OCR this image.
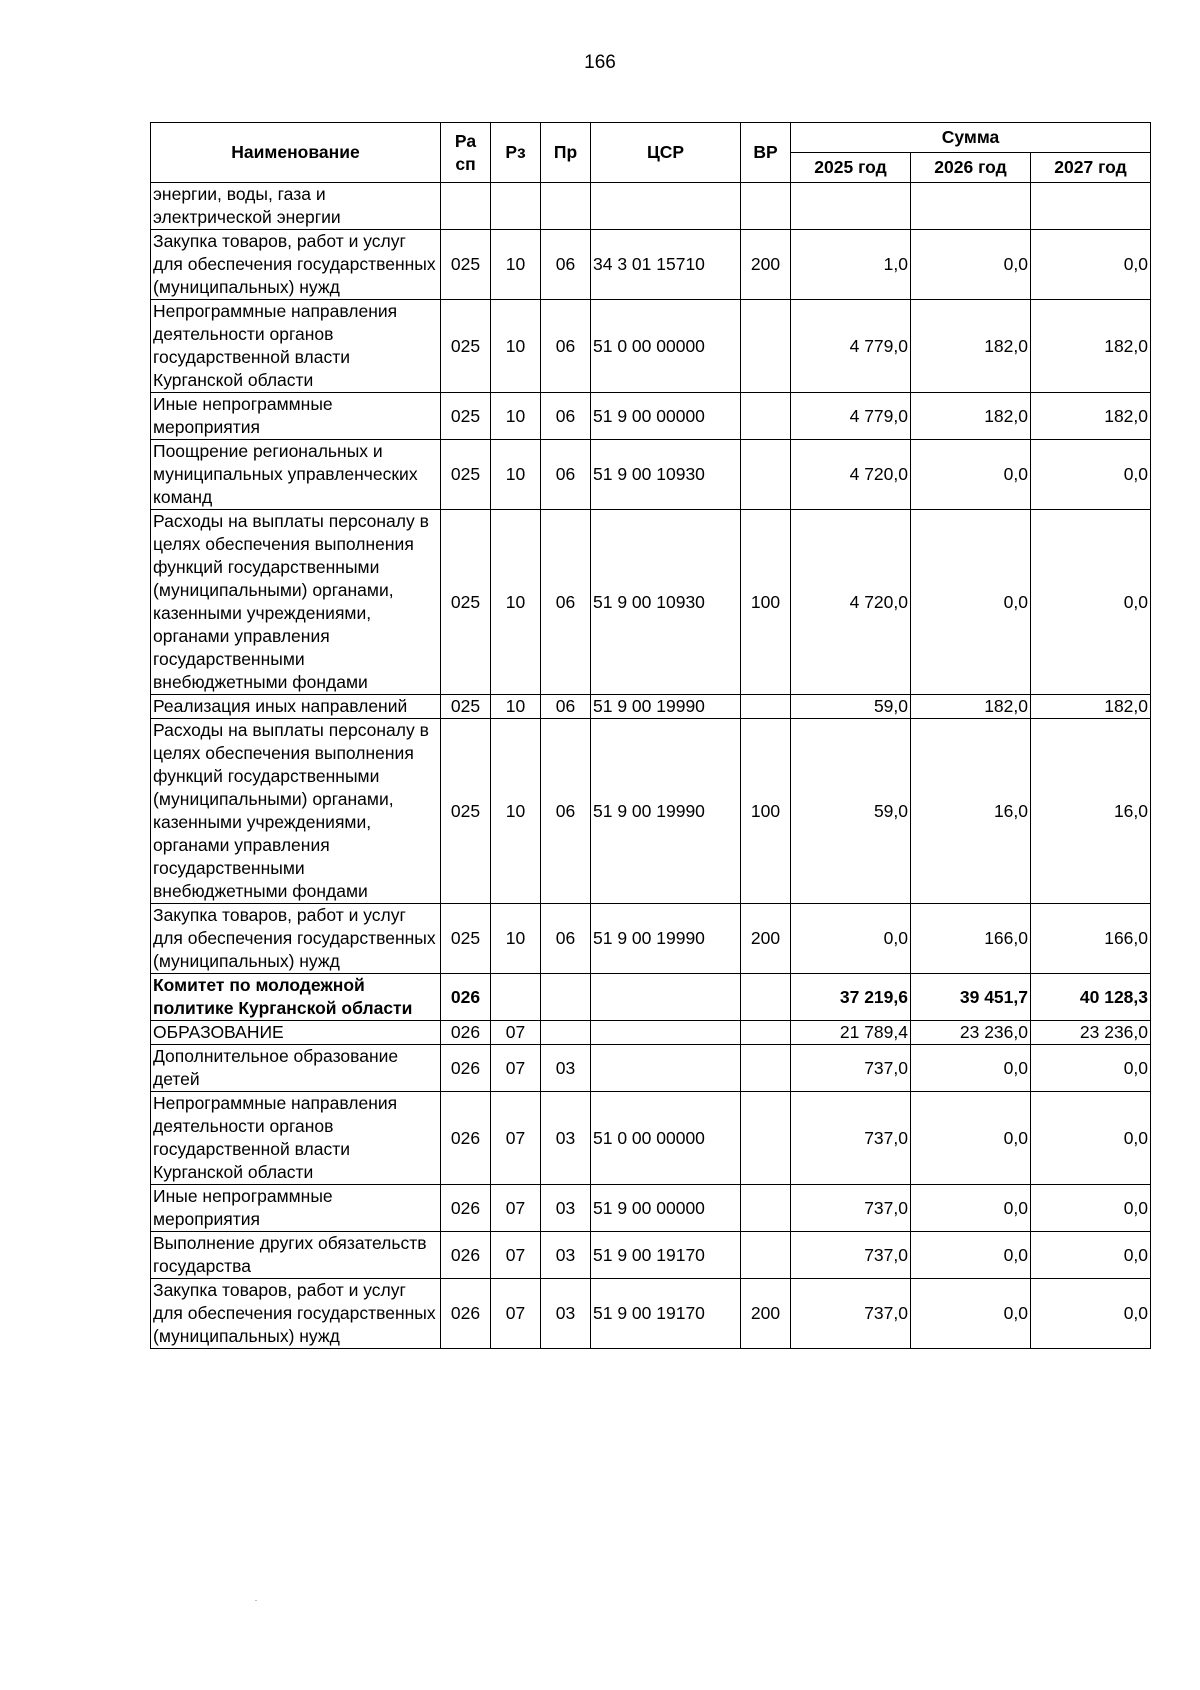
166
Наименование	Ра сп	Рз	Пр	ЦСР	ВР	Сумма		
						2025 год	2026 год	2027 год
энергии, воды, газа и электрической энергии								
Закупка товаров, работ и услуг для обеспечения государственных (муниципальных) нужд	025	10	06	34 3 01 15710	200	1,0	0,0	0,0
Непрограммные направления деятельности органов государственной власти Курганской области	025	10	06	51 0 00 00000		4 779,0	182,0	182,0
Иные непрограммные мероприятия	025	10	06	51 9 00 00000		4 779,0	182,0	182,0
Поощрение региональных и муниципальных управленческих команд	025	10	06	51 9 00 10930		4 720,0	0,0	0,0
Расходы на выплаты персоналу в целях обеспечения выполнения функций государственными (муниципальными) органами, казенными учреждениями, органами управления государственными внебюджетными фондами	025	10	06	51 9 00 10930	100	4 720,0	0,0	0,0
Реализация иных направлений	025	10	06	51 9 00 19990		59,0	182,0	182,0
Расходы на выплаты персоналу в целях обеспечения выполнения функций государственными (муниципальными) органами, казенными учреждениями, органами управления государственными внебюджетными фондами	025	10	06	51 9 00 19990	100	59,0	16,0	16,0
Закупка товаров, работ и услуг для обеспечения государственных (муниципальных) нужд	025	10	06	51 9 00 19990	200	0,0	166,0	166,0
Комитет по молодежной политике Курганской области	026					37 219,6	39 451,7	40 128,3
ОБРАЗОВАНИЕ	026	07				21 789,4	23 236,0	23 236,0
Дополнительное образование детей	026	07	03			737,0	0,0	0,0
Непрограммные направления деятельности органов государственной власти Курганской области	026	07	03	51 0 00 00000		737,0	0,0	0,0
Иные непрограммные мероприятия	026	07	03	51 9 00 00000		737,0	0,0	0,0
Выполнение других обязательств государства	026	07	03	51 9 00 19170		737,0	0,0	0,0
Закупка товаров, работ и услуг для обеспечения государственных (муниципальных) нужд	026	07	03	51 9 00 19170	200	737,0	0,0	0,0
